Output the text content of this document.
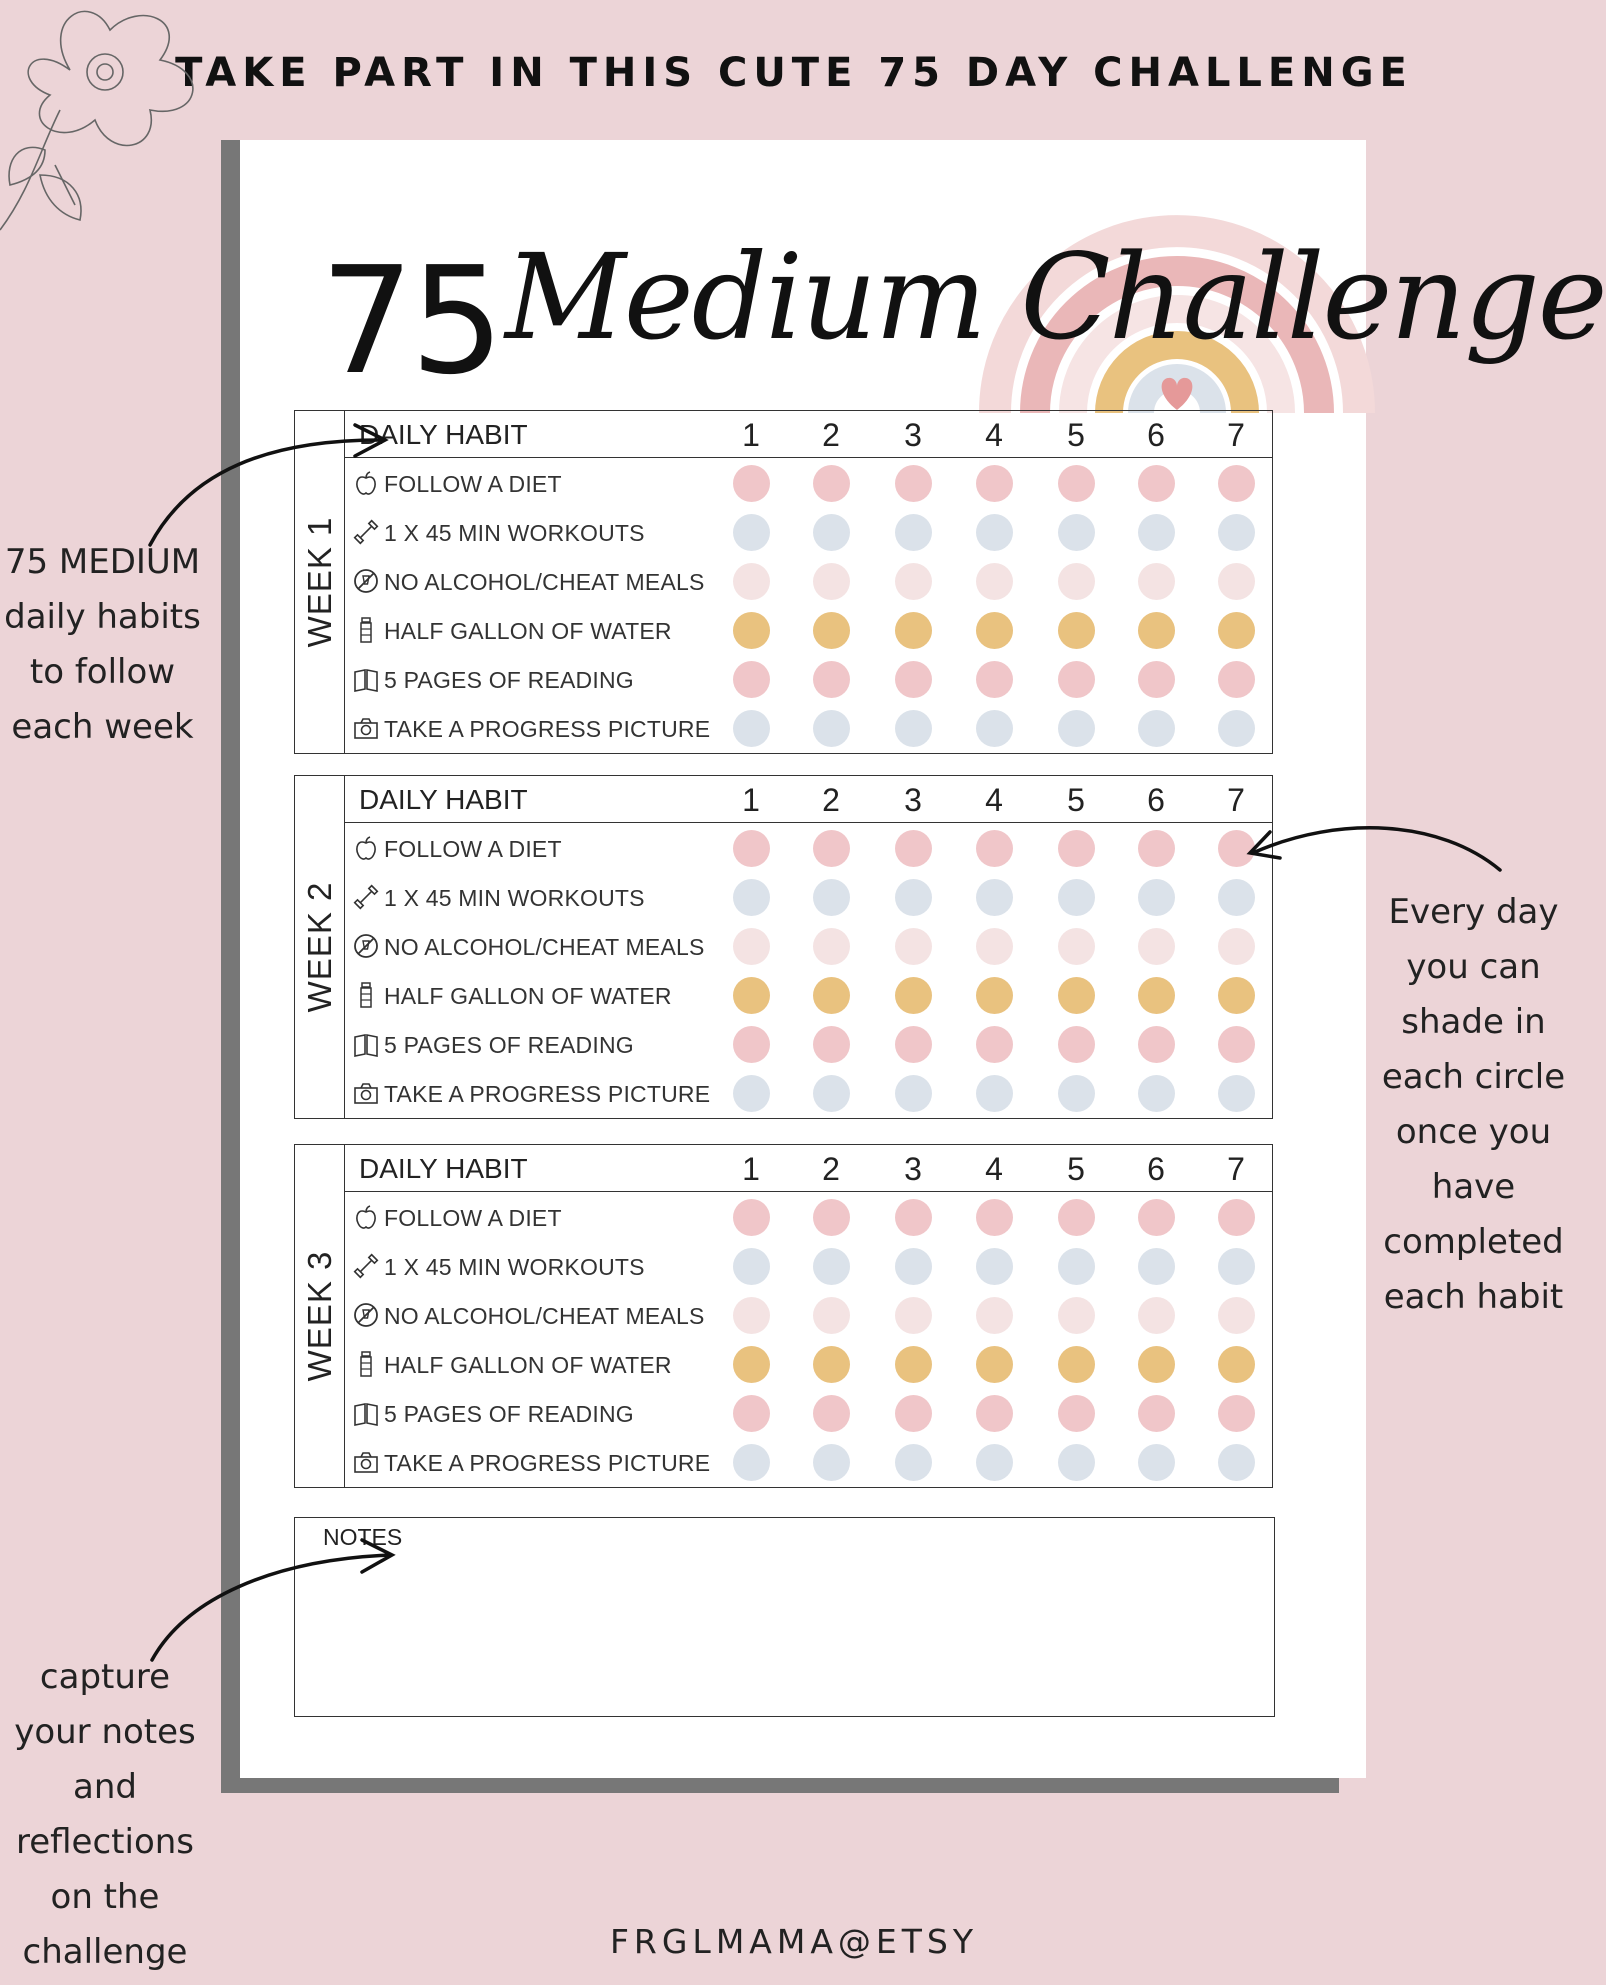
TAKE PART IN THIS CUTE 75 DAY CHALLENGE
75 Medium Challenge
WEEK 1
DAILY HABIT	1	2	3	4	5	6	7
FOLLOW A DIET
1 X 45 MIN WORKOUTS
NO ALCOHOL/CHEAT MEALS
HALF GALLON OF WATER
5 PAGES OF READING
TAKE A PROGRESS PICTURE
WEEK 2
DAILY HABIT	1	2	3	4	5	6	7
FOLLOW A DIET
1 X 45 MIN WORKOUTS
NO ALCOHOL/CHEAT MEALS
HALF GALLON OF WATER
5 PAGES OF READING
TAKE A PROGRESS PICTURE
WEEK 3
DAILY HABIT	1	2	3	4	5	6	7
FOLLOW A DIET
1 X 45 MIN WORKOUTS
NO ALCOHOL/CHEAT MEALS
HALF GALLON OF WATER
5 PAGES OF READING
TAKE A PROGRESS PICTURE
NOTES
75 MEDIUM
daily habits
to follow
each week
Every day
you can
shade in
each circle
once you
have
completed
each habit
capture
your notes
and
reflections
on the
challenge	FRGLMAMA@ETSY
